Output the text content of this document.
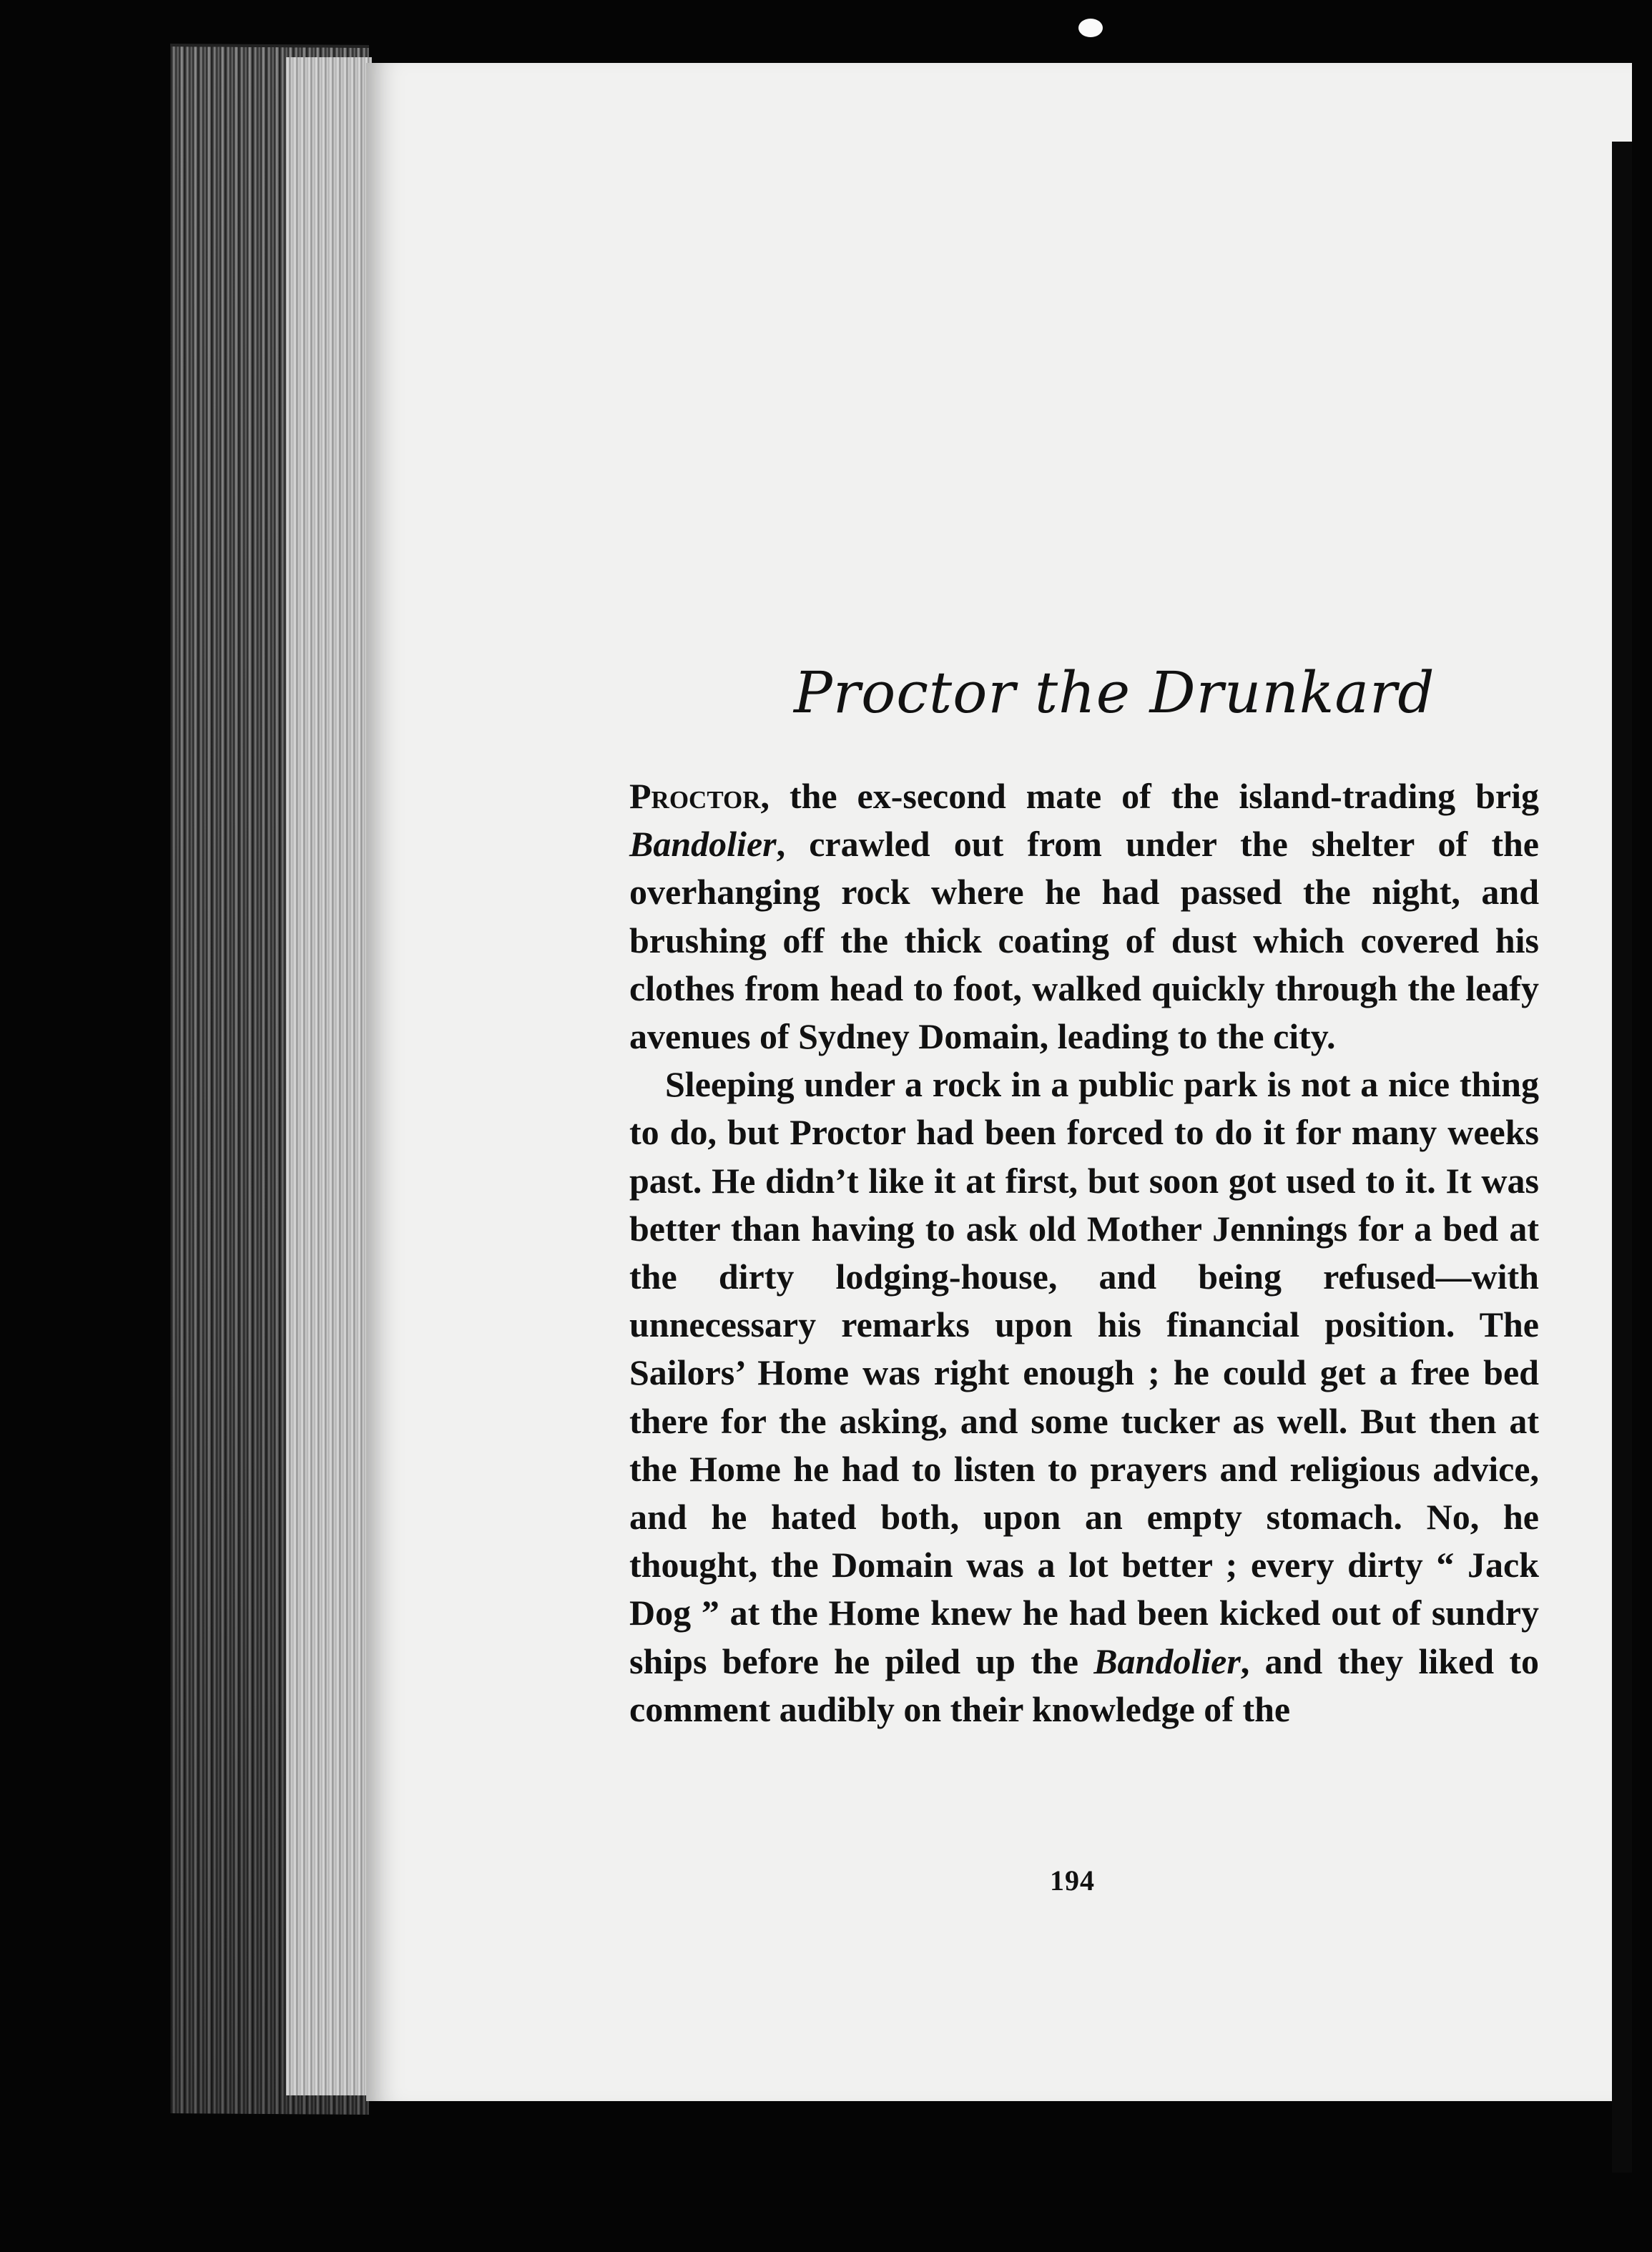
Proctor the Drunkard

Proctor, the ex-second mate of the island-trading brig Bandolier, crawled out from under the shelter of the overhanging rock where he had passed the night, and brushing off the thick coating of dust which covered his clothes from head to foot, walked quickly through the leafy avenues of Sydney Domain, leading to the city.

Sleeping under a rock in a public park is not a nice thing to do, but Proctor had been forced to do it for many weeks past. He didn’t like it at first, but soon got used to it. It was better than having to ask old Mother Jennings for a bed at the dirty lodging-house, and being refused—with unnecessary remarks upon his financial position. The Sailors’ Home was right enough ; he could get a free bed there for the asking, and some tucker as well. But then at the Home he had to listen to prayers and religious advice, and he hated both, upon an empty stomach. No, he thought, the Domain was a lot better ; every dirty “ Jack Dog ” at the Home knew he had been kicked out of sundry ships before he piled up the Bandolier, and they liked to comment audibly on their knowledge of the

194
